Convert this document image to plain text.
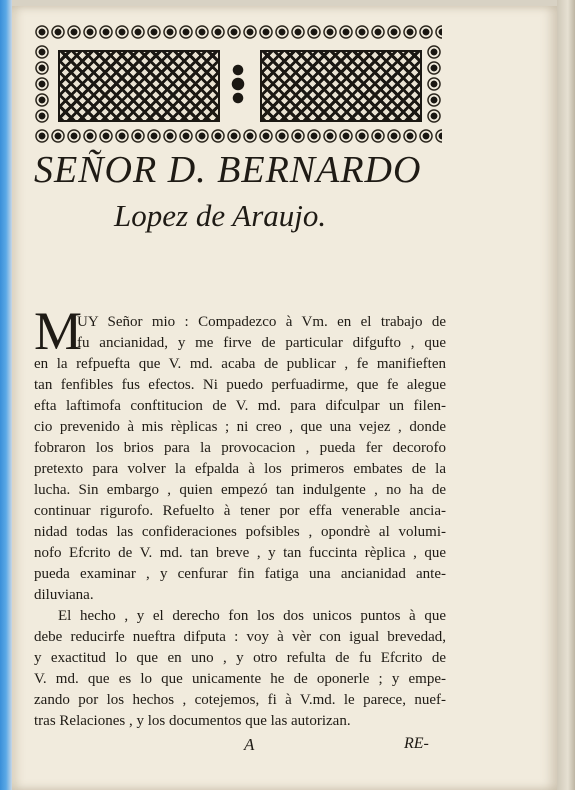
SEÑOR D. BERNARDO
Lopez de Araujo.
M
UY Señor mio : Compadezco à Vm. en el trabajo de
fu ancianidad, y me firve de particular difgufto , que
en la refpuefta que V. md. acaba de publicar , fe manifieften
tan fenfibles fus efectos. Ni puedo perfuadirme, que fe alegue
efta laftimofa conftitucion de V. md. para difculpar un filen-
cio prevenido à mis rèplicas ; ni creo , que una vejez , donde
fobraron los brios para la provocacion , pueda fer decorofo
pretexto para volver la efpalda à los primeros embates de la
lucha. Sin embargo , quien empezó tan indulgente , no ha de
continuar rigurofo. Refuelto à tener por effa venerable ancia-
nidad todas las confideraciones pofsibles , opondrè al volumi-
nofo Efcrito de V. md. tan breve , y tan fuccinta rèplica , que
pueda examinar , y cenfurar fin fatiga una ancianidad ante-
diluviana.
El hecho , y el derecho fon los dos unicos puntos à que
debe reducirfe nueftra difputa : voy à vèr con igual brevedad,
y exactitud lo que en uno , y otro refulta de fu Efcrito de
V. md. que es lo que unicamente he de oponerle ; y empe-
zando por los hechos , cotejemos, fi à V.md. le parece, nuef-
tras Relaciones , y los documentos que las autorizan.
A	RE-
